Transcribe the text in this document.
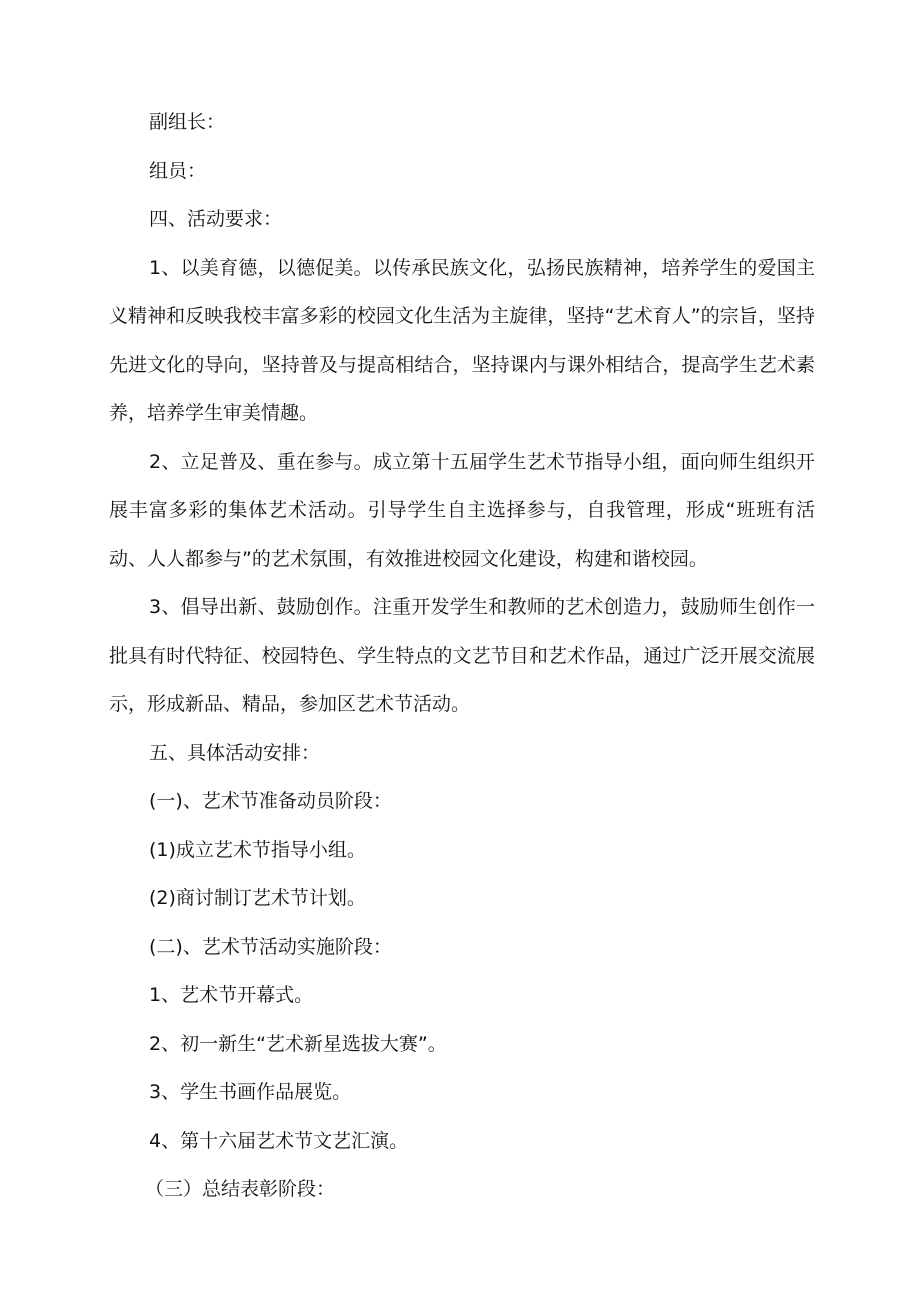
副组长：

组员：

四、活动要求：

1、以美育德，以德促美。以传承民族文化，弘扬民族精神，培养学生的爱国主义精神和反映我校丰富多彩的校园文化生活为主旋律，坚持“艺术育人”的宗旨，坚持先进文化的导向，坚持普及与提高相结合，坚持课内与课外相结合，提高学生艺术素养，培养学生审美情趣。

2、立足普及、重在参与。成立第十五届学生艺术节指导小组，面向师生组织开展丰富多彩的集体艺术活动。引导学生自主选择参与，自我管理，形成“班班有活动、人人都参与”的艺术氛围，有效推进校园文化建设，构建和谐校园。

3、倡导出新、鼓励创作。注重开发学生和教师的艺术创造力，鼓励师生创作一批具有时代特征、校园特色、学生特点的文艺节目和艺术作品，通过广泛开展交流展示，形成新品、精品，参加区艺术节活动。

五、具体活动安排：

(一)、艺术节准备动员阶段：

(1)成立艺术节指导小组。

(2)商讨制订艺术节计划。

(二)、艺术节活动实施阶段：

1、艺术节开幕式。

2、初一新生“艺术新星选拔大赛”。

3、学生书画作品展览。

4、第十六届艺术节文艺汇演。

（三）总结表彰阶段：
